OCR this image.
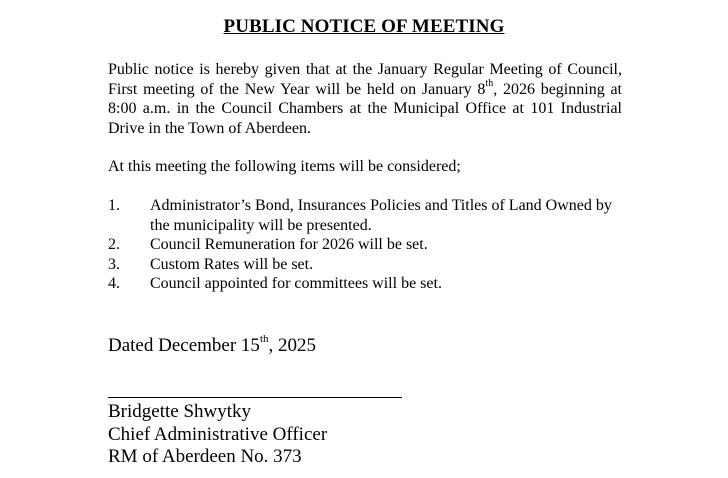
PUBLIC NOTICE OF MEETING
Public notice is hereby given that at the January Regular Meeting of Council, First meeting of the New Year will be held on January 8th, 2026 beginning at 8:00 a.m. in the Council Chambers at the Municipal Office at 101 Industrial Drive in the Town of Aberdeen.
At this meeting the following items will be considered;
1.	Administrator’s Bond, Insurances Policies and Titles of Land Owned by the municipality will be presented.
2.	Council Remuneration for 2026 will be set.
3.	Custom Rates will be set.
4.	Council appointed for committees will be set.
Dated December 15th, 2025
Bridgette Shwytky
Chief Administrative Officer
RM of Aberdeen No. 373
